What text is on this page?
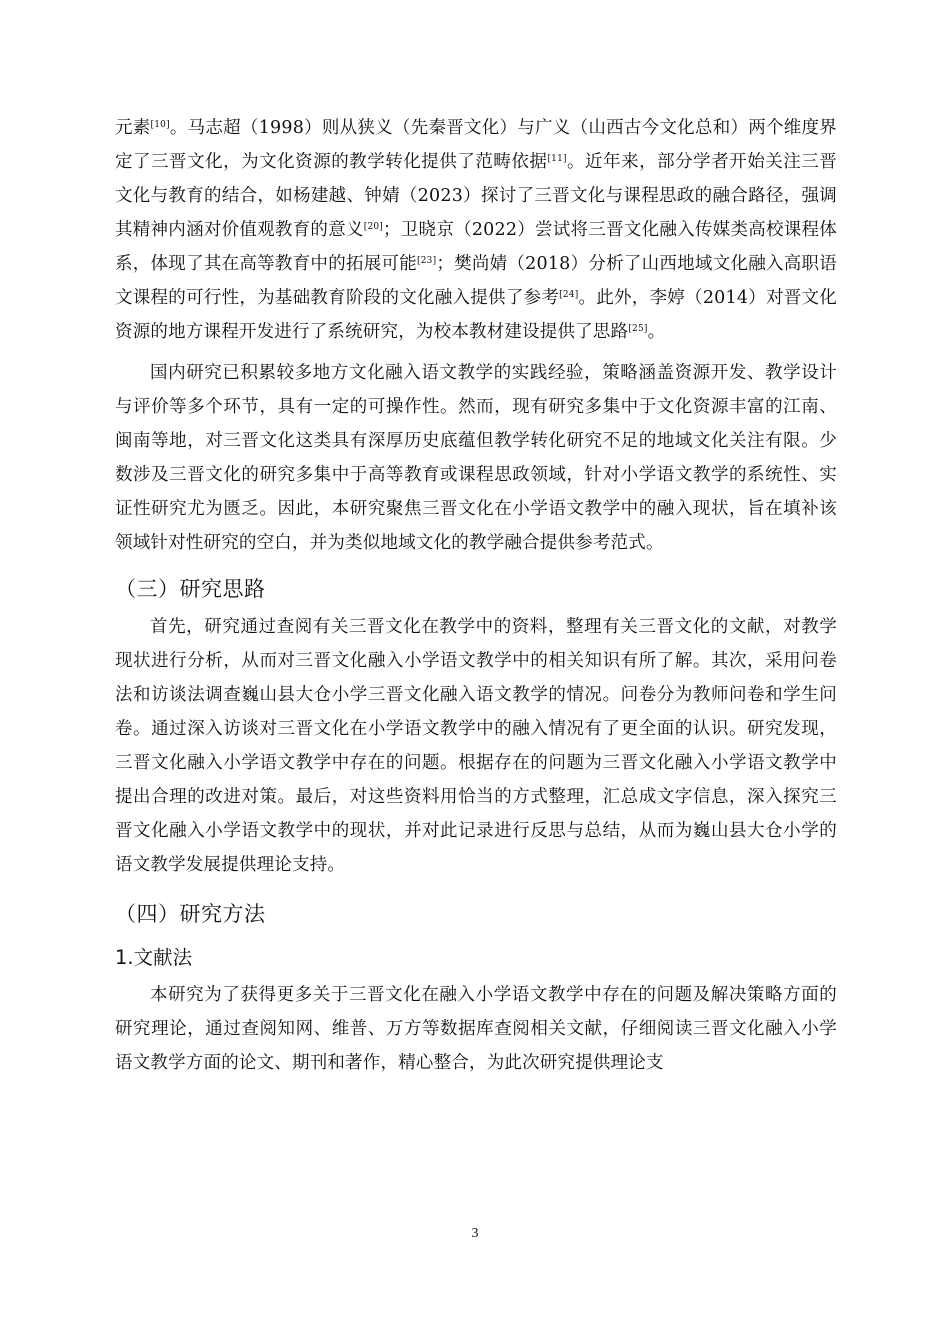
元素[10]。马志超（1998）则从狭义（先秦晋文化）与广义（山西古今文化总和）两个维度界定了三晋文化，为文化资源的教学转化提供了范畴依据[11]。近年来，部分学者开始关注三晋文化与教育的结合，如杨建越、钟婧（2023）探讨了三晋文化与课程思政的融合路径，强调其精神内涵对价值观教育的意义[20]；卫晓京（2022）尝试将三晋文化融入传媒类高校课程体系，体现了其在高等教育中的拓展可能[23]；樊尚婧（2018）分析了山西地域文化融入高职语文课程的可行性，为基础教育阶段的文化融入提供了参考[24]。此外，李婷（2014）对晋文化资源的地方课程开发进行了系统研究，为校本教材建设提供了思路[25]。

国内研究已积累较多地方文化融入语文教学的实践经验，策略涵盖资源开发、教学设计与评价等多个环节，具有一定的可操作性。然而，现有研究多集中于文化资源丰富的江南、闽南等地，对三晋文化这类具有深厚历史底蕴但教学转化研究不足的地域文化关注有限。少数涉及三晋文化的研究多集中于高等教育或课程思政领域，针对小学语文教学的系统性、实证性研究尤为匮乏。因此，本研究聚焦三晋文化在小学语文教学中的融入现状，旨在填补该领域针对性研究的空白，并为类似地域文化的教学融合提供参考范式。

（三）研究思路

首先，研究通过查阅有关三晋文化在教学中的资料，整理有关三晋文化的文献，对教学现状进行分析，从而对三晋文化融入小学语文教学中的相关知识有所了解。其次，采用问卷法和访谈法调查巍山县大仓小学三晋文化融入语文教学的情况。问卷分为教师问卷和学生问卷。通过深入访谈对三晋文化在小学语文教学中的融入情况有了更全面的认识。研究发现，三晋文化融入小学语文教学中存在的问题。根据存在的问题为三晋文化融入小学语文教学中提出合理的改进对策。最后，对这些资料用恰当的方式整理，汇总成文字信息，深入探究三晋文化融入小学语文教学中的现状，并对此记录进行反思与总结，从而为巍山县大仓小学的语文教学发展提供理论支持。

（四）研究方法
1.文献法

本研究为了获得更多关于三晋文化在融入小学语文教学中存在的问题及解决策略方面的研究理论，通过查阅知网、维普、万方等数据库查阅相关文献，仔细阅读三晋文化融入小学语文教学方面的论文、期刊和著作，精心整合，为此次研究提供理论支

3
